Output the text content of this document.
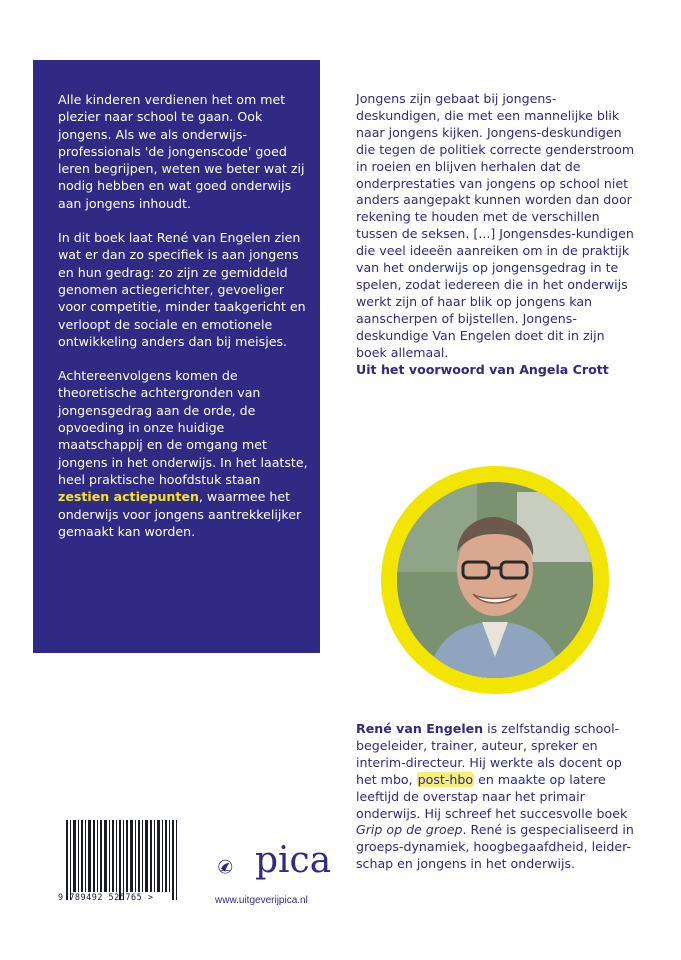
Alle kinderen verdienen het om met plezier naar school te gaan. Ook jongens. Als we als onderwijs-professionals 'de jongenscode' goed leren begrijpen, weten we beter wat zij nodig hebben en wat goed onderwijs aan jongens inhoudt.

In dit boek laat René van Engelen zien wat er dan zo specifiek is aan jongens en hun gedrag: zo zijn ze gemiddeld genomen actiegerichter, gevoeliger voor competitie, minder taakgericht en verloopt de sociale en emotionele ontwikkeling anders dan bij meisjes.

Achtereenvolgens komen de theoretische achtergronden van jongensgedrag aan de orde, de opvoeding in onze huidige maatschappij en de omgang met jongens in het onderwijs. In het laatste, heel praktische hoofdstuk staan zestien actiepunten, waarmee het onderwijs voor jongens aantrekkelijker gemaakt kan worden.

Jongens zijn gebaat bij jongens-deskundigen, die met een mannelijke blik naar jongens kijken. Jongens-deskundigen die tegen de politiek correcte genderstroom in roeien en blijven herhalen dat de onderprestaties van jongens op school niet anders aangepakt kunnen worden dan door rekening te houden met de verschillen tussen de seksen. [...] Jongensdes-kundigen die veel ideeën aanreiken om in de praktijk van het onderwijs op jongensgedrag in te spelen, zodat iedereen die in het onderwijs werkt zijn of haar blik op jongens kan aanscherpen of bijstellen. Jongens-deskundige Van Engelen doet dit in zijn boek allemaal.

Uit het voorwoord van Angela Crott

René van Engelen is zelfstandig school-begeleider, trainer, auteur, spreker en interim-directeur. Hij werkte als docent op het mbo, post-hbo en maakte op latere leeftijd de overstap naar het primair onderwijs. Hij schreef het succesvolle boek Grip op de groep. René is gespecialiseerd in groeps-dynamiek, hoogbegaafdheid, leider-schap en jongens in het onderwijs.

9 789492 525765 >
pica
www.uitgeverijpica.nl
